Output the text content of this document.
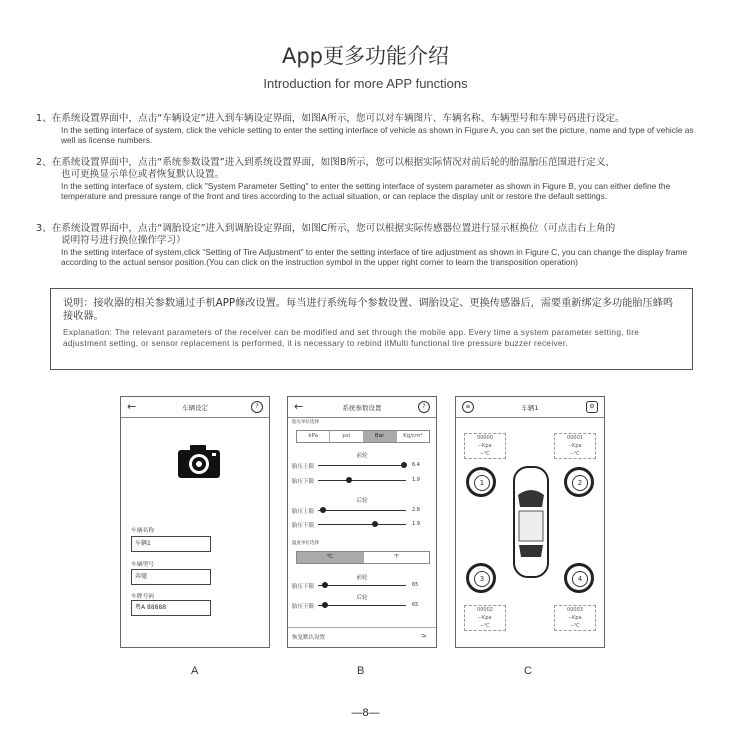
App更多功能介绍
Introduction for more APP functions
1、在系统设置界面中，点击“车辆设定”进入到车辆设定界面，如图A所示，您可以对车辆图片、车辆名称、车辆型号和车牌号码进行设定。
In the setting interface of system, click the vehicle setting to enter the setting interface of vehicle as shown in Figure A, you can set the picture, name and type of vehicle as well as license numbers.
2、在系统设置界面中，点击“系统参数设置”进入到系统设置界面，如图B所示，您可以根据实际情况对前后轮的胎温胎压范围进行定义，
也可更换显示单位或者恢复默认设置。
In the setting interface of system, click "System Parameter Setting" to enter the setting interface of system parameter as shown in Figure B, you can either define the temperature and pressure range of the front and tires according to the actual situation, or can replace the display unit or restore the default settings.
3、在系统设置界面中，点击“调胎设定”进入到调胎设定界面，如图C所示，您可以根据实际传感器位置进行显示框换位（可点击右上角的
说明符号进行换位操作学习）
In the setting interface of system,click “Setting of Tire Adjustment” to enter the setting interface of tire adjustment as shown in Figure C, you can change the display frame according to the actual sensor position.(You can click on the instruction symbol in the upper right corner to learn the transposition operation)
说明：接收器的相关参数通过手机APP修改设置。每当进行系统每个参数设置、调胎设定、更换传感器后，需要重新绑定多功能胎压蜂鸣接收器。
Explanation: The relevant parameters of the receiver can be modified and set through the mobile app. Every time a system parameter setting, tire adjustment setting, or sensor replacement is performed, it is necessary to rebind itMulti functional tire pressure buzzer receiver.
←	车辆设定	?
车辆名称
车辆1
车辆型号
奔驰
车牌号码
粤A 88888
←	系统参数设置	?
胎压单位选择
kPa	psi	Bar	Kg/cm²
前轮
胎压上限	6.4
胎压下限	1.9
后轮
胎压上限	2.8
胎压下限	1.9
温度单位选择
℃	℉
前轮
胎压下限	65
后轮
胎压下限	65
恢复默认设置	>
≡	车辆1	⚙
00000
--Kpa
--℃
00001
--Kpa
--℃
1	2
3	4
00002
--Kpa
--℃
00003
--Kpa
--℃
A	B	C
—8—
